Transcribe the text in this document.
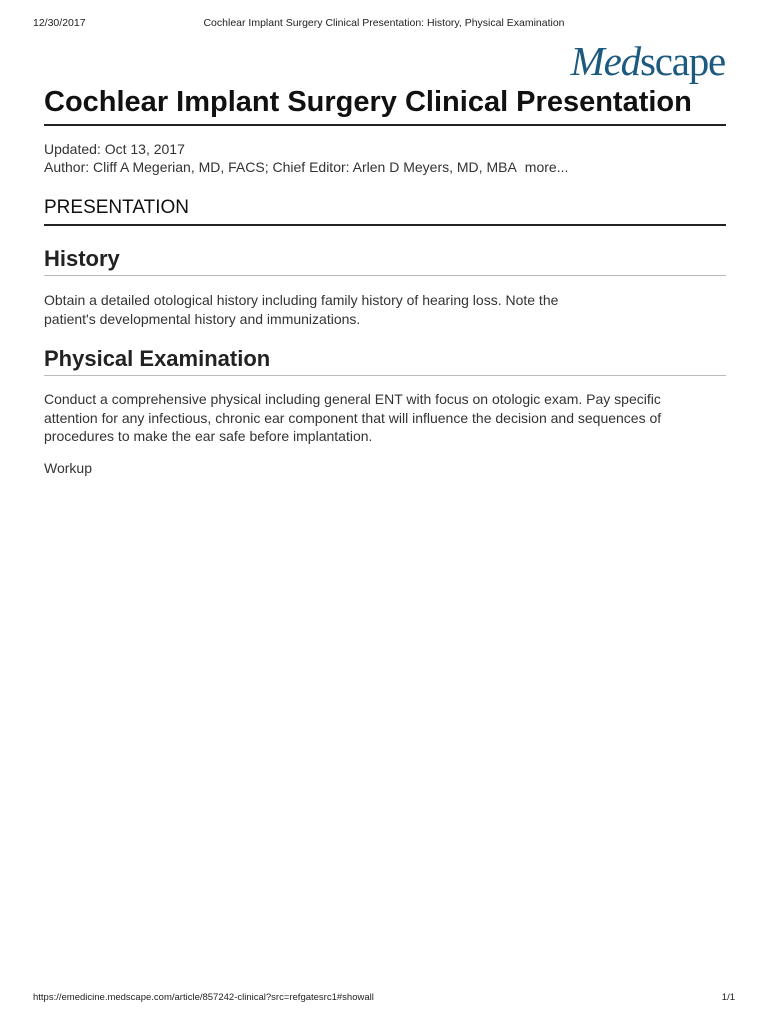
12/30/2017	Cochlear Implant Surgery Clinical Presentation: History, Physical Examination
Medscape
Cochlear Implant Surgery Clinical Presentation
Updated: Oct 13, 2017
Author: Cliff A Megerian, MD, FACS; Chief Editor: Arlen D Meyers, MD, MBA more...
PRESENTATION
History
Obtain a detailed otological history including family history of hearing loss. Note the
patient's developmental history and immunizations.
Physical Examination
Conduct a comprehensive physical including general ENT with focus on otologic exam. Pay specific
attention for any infectious, chronic ear component that will influence the decision and sequences of
procedures to make the ear safe before implantation.
Workup
https://emedicine.medscape.com/article/857242-clinical?src=refgatesrc1#showall	1/1
